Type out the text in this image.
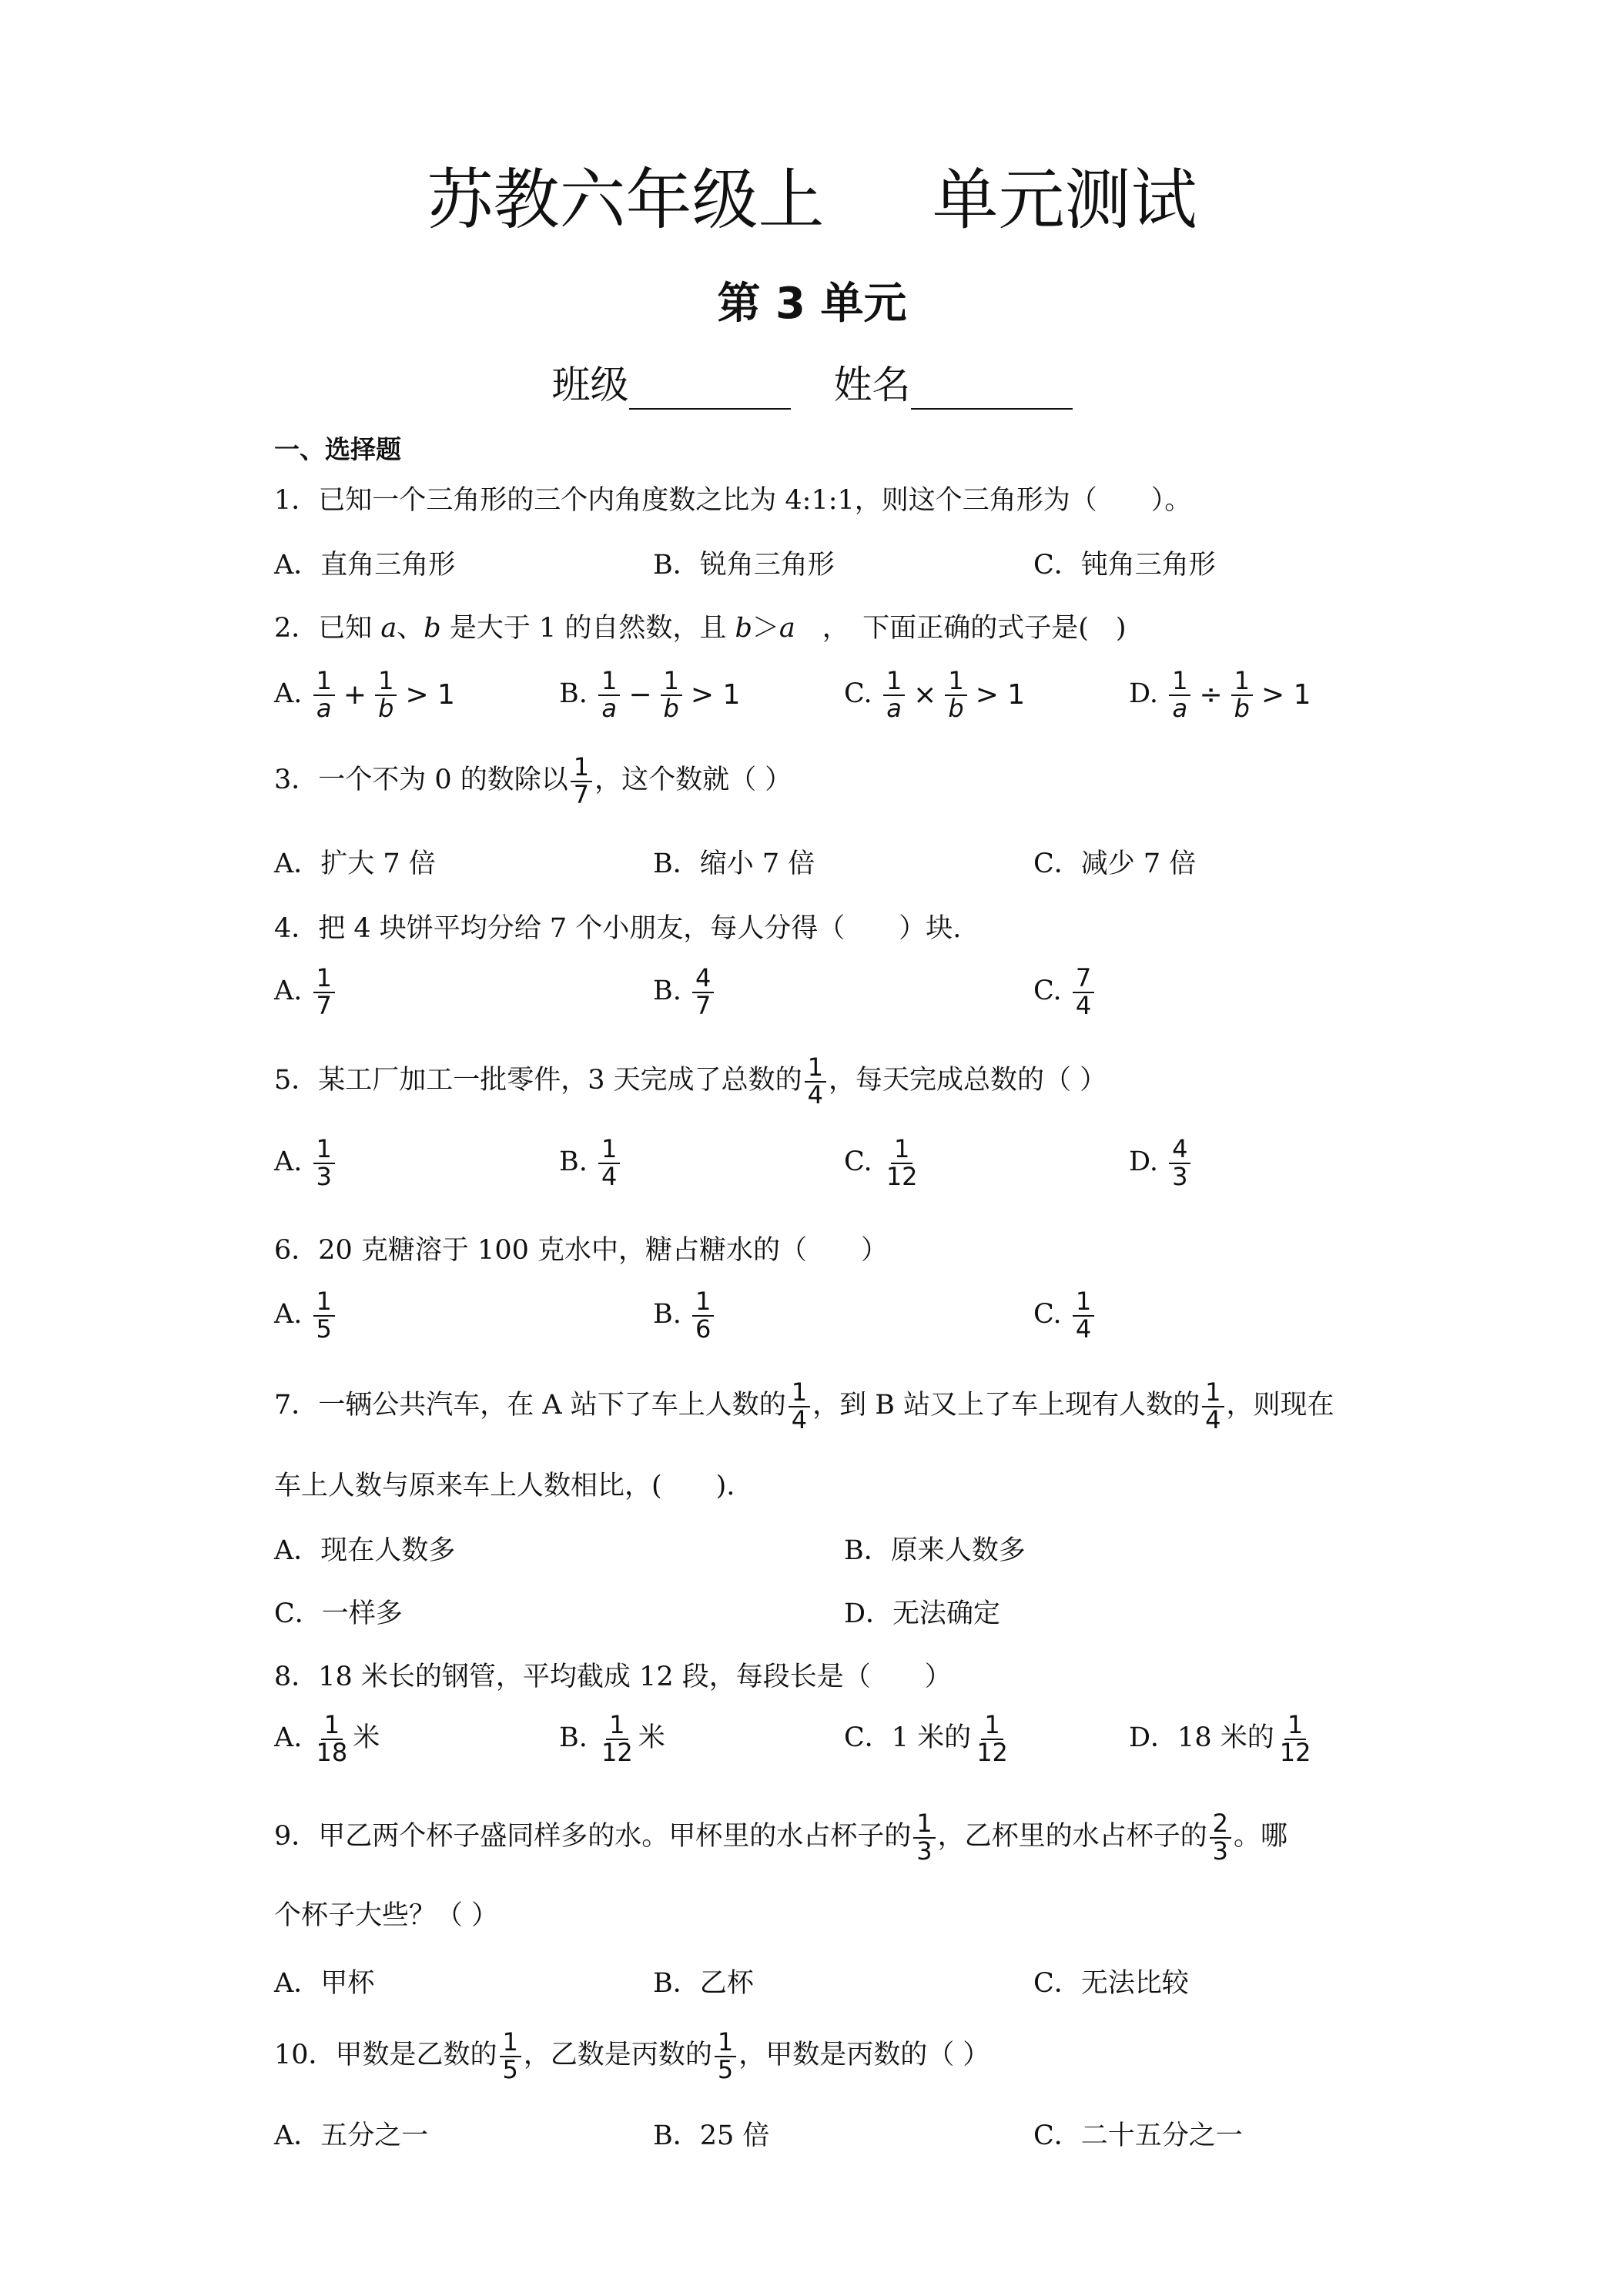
苏教六年级上 单元测试
第 3 单元
班级	姓名
一、选择题
1．已知一个三角形的三个内角度数之比为 4:1:1，则这个三角形为（　　）。
A．直角三角形	B．锐角三角形	C．钝角三角形
2．已知 a、b 是大于 1 的自然数，且 b＞a　，　下面正确的式子是(　)
A. $\frac{1}{a} + \frac{1}{b} > 1$	B. $\frac{1}{a} - \frac{1}{b} > 1$	C. $\frac{1}{a} \times \frac{1}{b} > 1$	D. $\frac{1}{a} \div \frac{1}{b} > 1$
3．一个不为 0 的数除以 $\frac{1}{7}$ ，这个数就（ ）
A．扩大 7 倍	B．缩小 7 倍	C．减少 7 倍
4．把 4 块饼平均分给 7 个小朋友，每人分得（　　）块.
A. $\frac{1}{7}$	B. $\frac{4}{7}$	C. $\frac{7}{4}$
5．某工厂加工一批零件，3 天完成了总数的 $\frac{1}{4}$ ，每天完成总数的（ ）
A. $\frac{1}{3}$	B. $\frac{1}{4}$	C. $\frac{1}{12}$	D. $\frac{4}{3}$
6．20 克糖溶于 100 克水中，糖占糖水的（　　）
A. $\frac{1}{5}$	B. $\frac{1}{6}$	C. $\frac{1}{4}$
7．一辆公共汽车，在 A 站下了车上人数的 $\frac{1}{4}$ ，到 B 站又上了车上现有人数的 $\frac{1}{4}$ ，则现在
车上人数与原来车上人数相比，(　　).
A．现在人数多	B．原来人数多
C．一样多	D．无法确定
8．18 米长的钢管，平均截成 12 段，每段长是（　　）
A. $\frac{1}{18}$ 米	B. $\frac{1}{12}$ 米	C．1 米的 $\frac{1}{12}$	D．18 米的 $\frac{1}{12}$
9．甲乙两个杯子盛同样多的水。甲杯里的水占杯子的 $\frac{1}{3}$ ，乙杯里的水占杯子的 $\frac{2}{3}$ 。哪
个杯子大些？（ ）
A．甲杯	B．乙杯	C．无法比较
10．甲数是乙数的 $\frac{1}{5}$ ，乙数是丙数的 $\frac{1}{5}$ ，甲数是丙数的（ ）
A．五分之一	B．25 倍	C．二十五分之一
